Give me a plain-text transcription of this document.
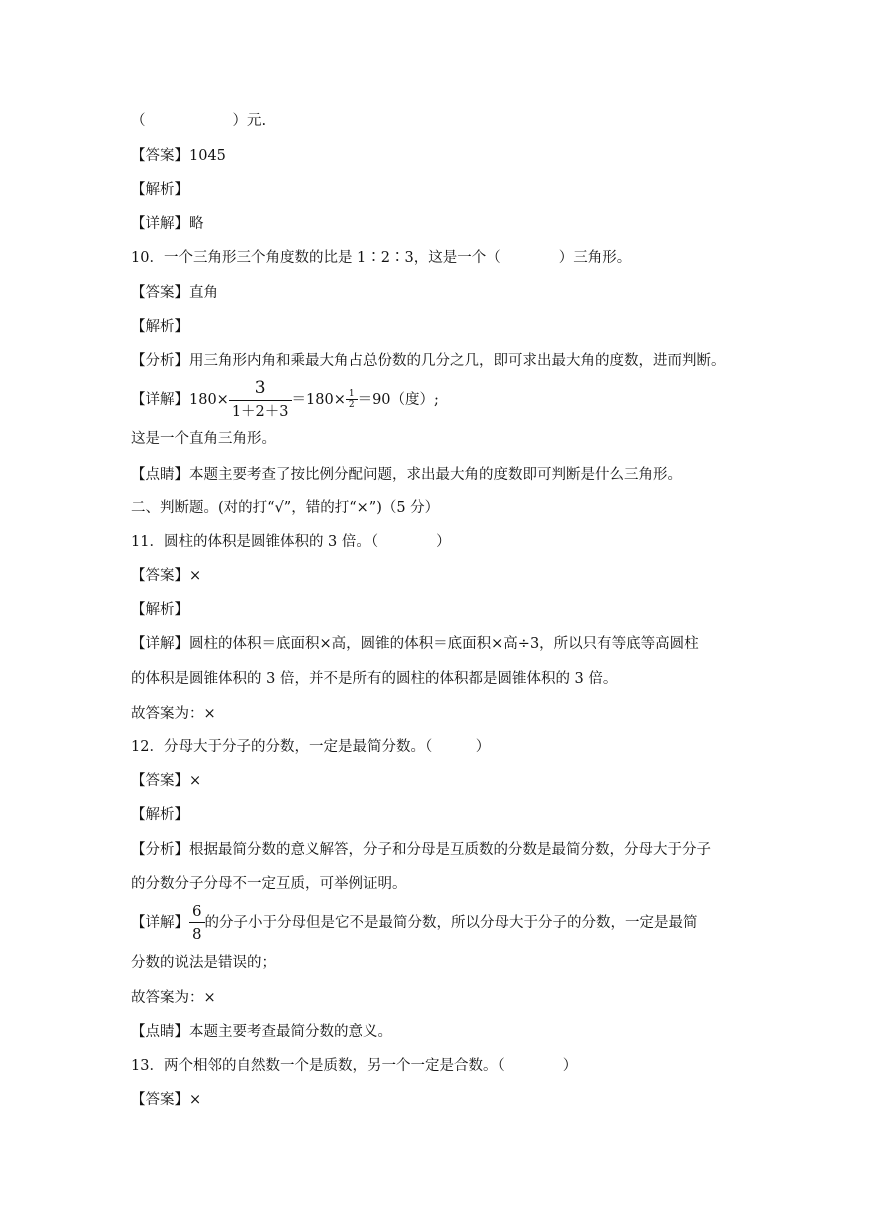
（　　　　　　）元.
【答案】1045
【解析】
【详解】略
10．一个三角形三个角度数的比是 1∶2∶3，这是一个（　　　　）三角形。
【答案】直角
【解析】
【分析】用三角形内角和乘最大角占总份数的几分之几，即可求出最大角的度数，进而判断。
【详解】$180\times \frac{3}{1+2+3} =180\times \frac{1}{2} =90$（度）;
这是一个直角三角形。
【点睛】本题主要考查了按比例分配问题，求出最大角的度数即可判断是什么三角形。
二、判断题。(对的打“√”，错的打“×”)（5 分）
11．圆柱的体积是圆锥体积的 3 倍。（　　　　）
【答案】×
【解析】
【详解】圆柱的体积＝底面积×高，圆锥的体积＝底面积×高÷3，所以只有等底等高圆柱
的体积是圆锥体积的 3 倍，并不是所有的圆柱的体积都是圆锥体积的 3 倍。
故答案为：×
12．分母大于分子的分数，一定是最简分数。（　　　）
【答案】×
【解析】
【分析】根据最简分数的意义解答，分子和分母是互质数的分数是最简分数，分母大于分子
的分数分子分母不一定互质，可举例证明。
【详解】 $\frac{6}{8}$ 的分子小于分母但是它不是最简分数，所以分母大于分子的分数，一定是最简
分数的说法是错误的；
故答案为：×
【点睛】本题主要考查最简分数的意义。
13．两个相邻的自然数一个是质数，另一个一定是合数。（　　　　）
【答案】×
